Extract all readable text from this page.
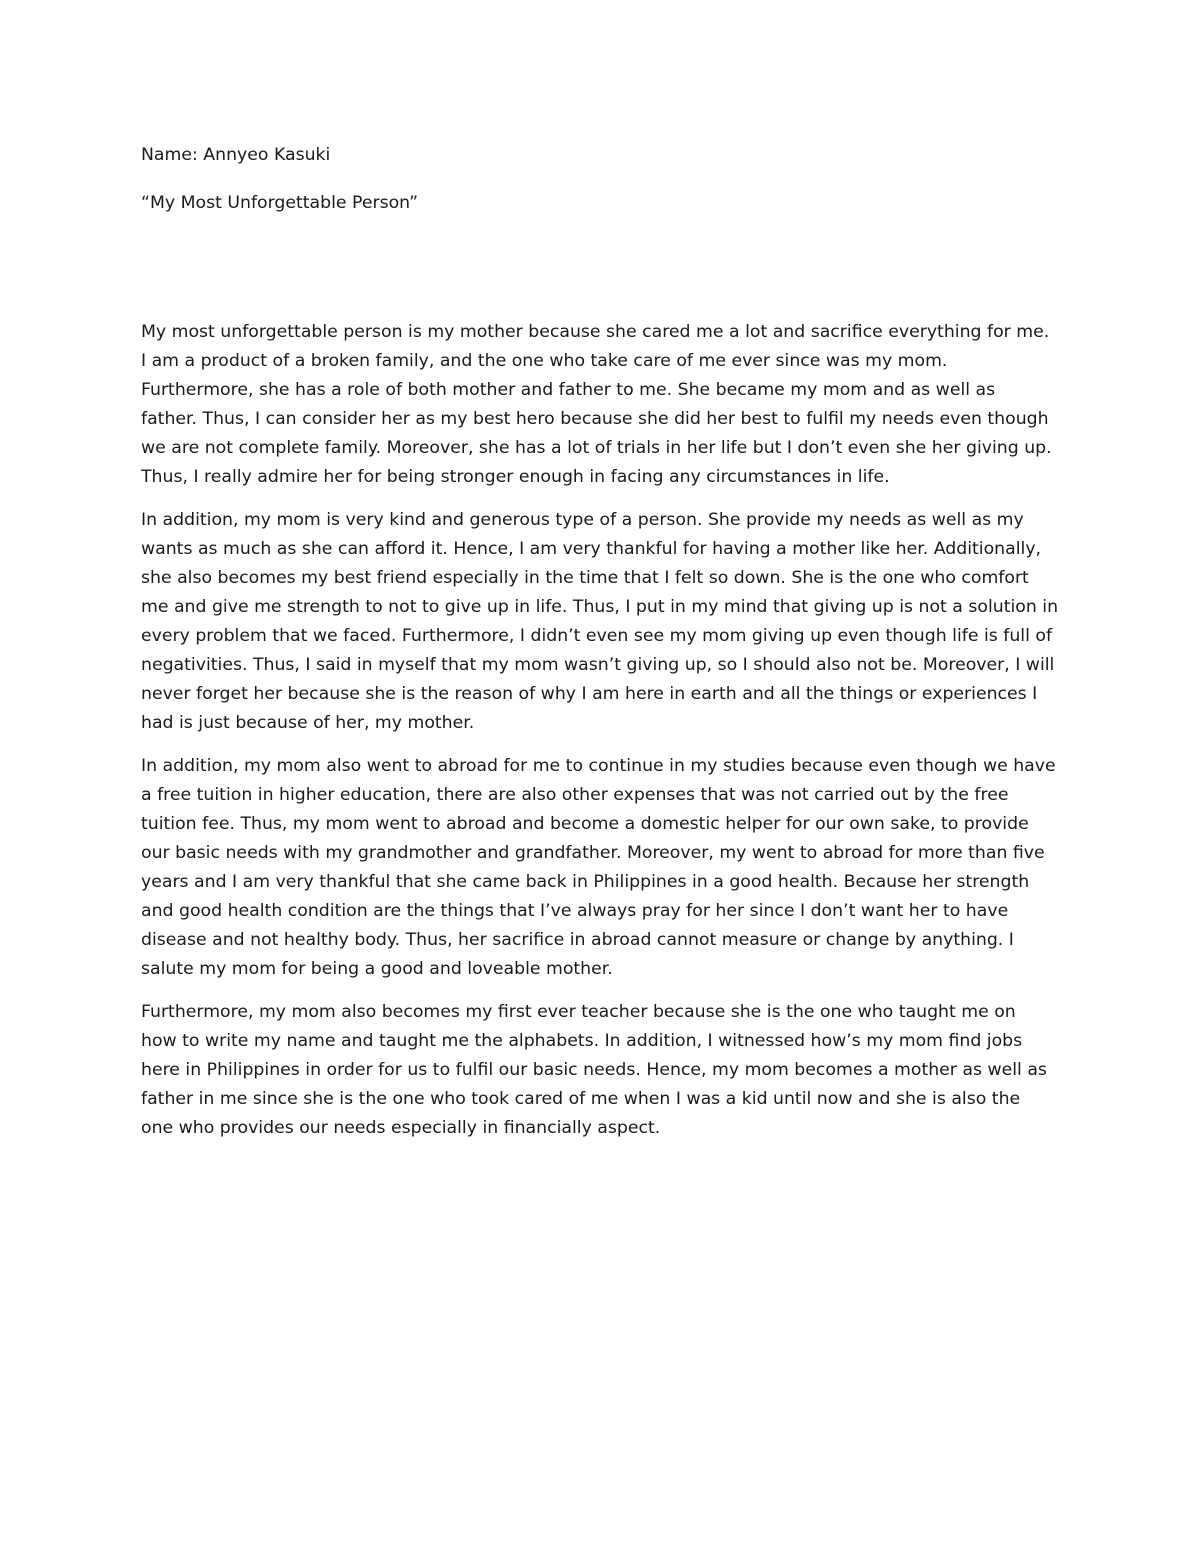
Name: Annyeo Kasuki

“My Most Unforgettable Person”

My most unforgettable person is my mother because she cared me a lot and sacrifice everything for me.
I am a product of a broken family, and the one who take care of me ever since was my mom.
Furthermore, she has a role of both mother and father to me. She became my mom and as well as
father. Thus, I can consider her as my best hero because she did her best to fulfil my needs even though
we are not complete family. Moreover, she has a lot of trials in her life but I don’t even she her giving up.
Thus, I really admire her for being stronger enough in facing any circumstances in life.
In addition, my mom is very kind and generous type of a person. She provide my needs as well as my
wants as much as she can afford it. Hence, I am very thankful for having a mother like her. Additionally,
she also becomes my best friend especially in the time that I felt so down. She is the one who comfort
me and give me strength to not to give up in life. Thus, I put in my mind that giving up is not a solution in
every problem that we faced. Furthermore, I didn’t even see my mom giving up even though life is full of
negativities. Thus, I said in myself that my mom wasn’t giving up, so I should also not be. Moreover, I will
never forget her because she is the reason of why I am here in earth and all the things or experiences I
had is just because of her, my mother.
In addition, my mom also went to abroad for me to continue in my studies because even though we have
a free tuition in higher education, there are also other expenses that was not carried out by the free
tuition fee. Thus, my mom went to abroad and become a domestic helper for our own sake, to provide
our basic needs with my grandmother and grandfather. Moreover, my went to abroad for more than five
years and I am very thankful that she came back in Philippines in a good health. Because her strength
and good health condition are the things that I’ve always pray for her since I don’t want her to have
disease and not healthy body. Thus, her sacrifice in abroad cannot measure or change by anything. I
salute my mom for being a good and loveable mother.
Furthermore, my mom also becomes my first ever teacher because she is the one who taught me on
how to write my name and taught me the alphabets. In addition, I witnessed how’s my mom find jobs
here in Philippines in order for us to fulfil our basic needs. Hence, my mom becomes a mother as well as
father in me since she is the one who took cared of me when I was a kid until now and she is also the
one who provides our needs especially in financially aspect.
